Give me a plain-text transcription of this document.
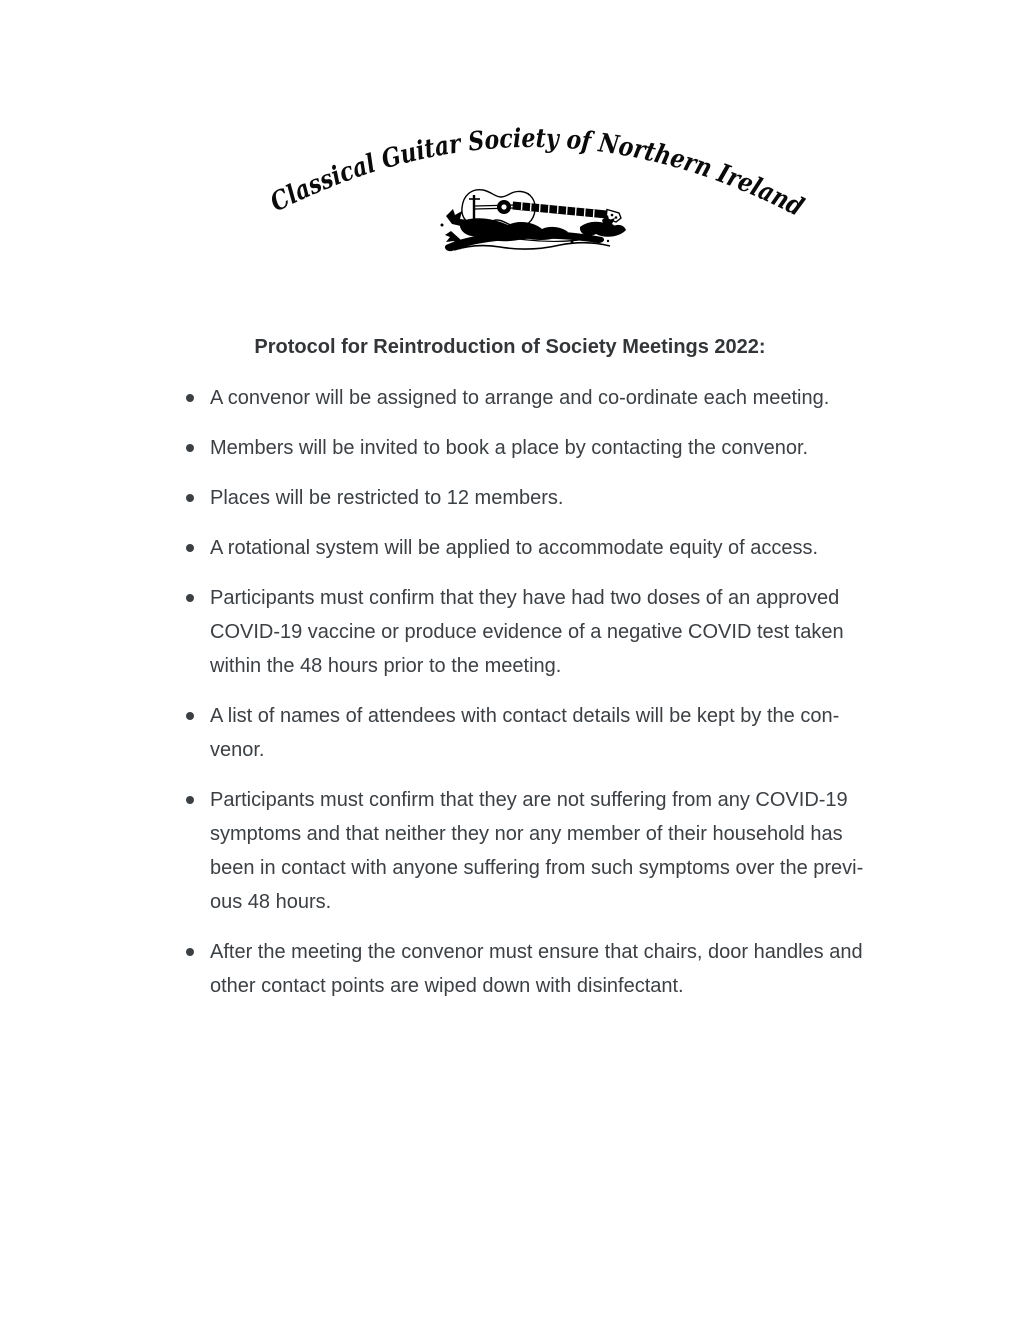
Classical Guitar Society of Northern Ireland
Protocol for Reintroduction of Society Meetings 2022:
A convenor will be assigned to arrange and co-ordinate each meeting.
Members will be invited to book a place by contacting the convenor.
Places will be restricted to 12 members.
A rotational system will be applied to accommodate equity of access.
Participants must confirm that they have had two doses of an approved
COVID-19 vaccine or produce evidence of a negative COVID test taken
within the 48 hours prior to the meeting.
A list of names of attendees with contact details will be kept by the con-
venor.
Participants must confirm that they are not suffering from any COVID-19
symptoms and that neither they nor any member of their household has
been in contact with anyone suffering from such symptoms over the previ-
ous 48 hours.
After the meeting the convenor must ensure that chairs, door handles and
other contact points are wiped down with disinfectant.
